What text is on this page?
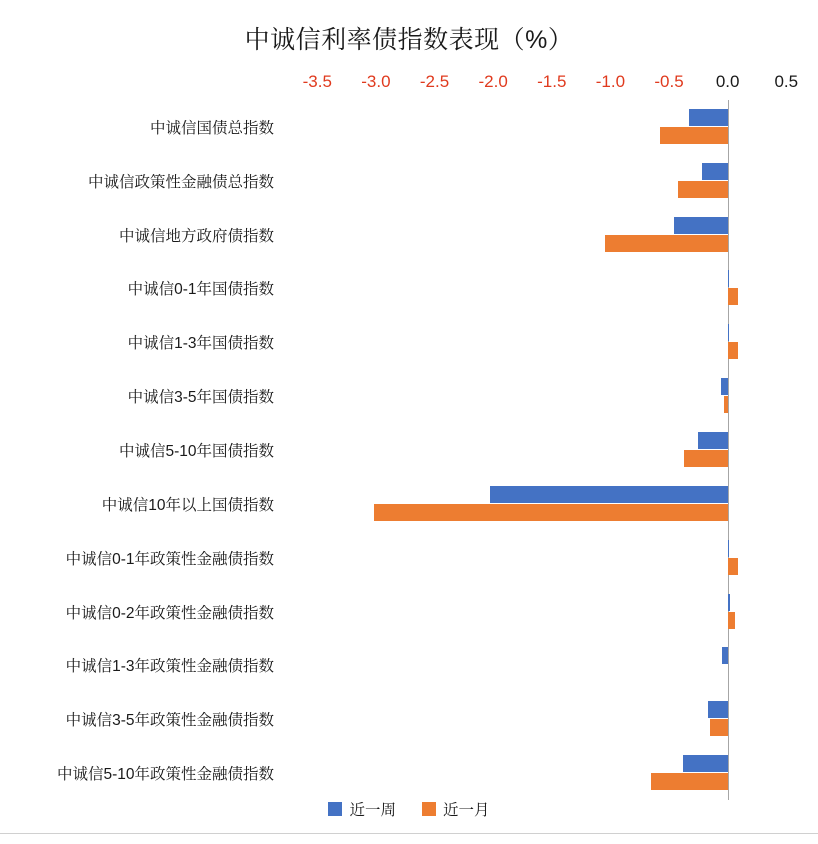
中诚信利率债指数表现（%）
-3.5 -3.0 -2.5 -2.0 -1.5 -1.0 -0.5 0.0 0.5
中诚信国债总指数
中诚信政策性金融债总指数
中诚信地方政府债指数
中诚信0-1年国债指数
中诚信1-3年国债指数
中诚信3-5年国债指数
中诚信5-10年国债指数
中诚信10年以上国债指数
中诚信0-1年政策性金融债指数
中诚信0-2年政策性金融债指数
中诚信1-3年政策性金融债指数
中诚信3-5年政策性金融债指数
中诚信5-10年政策性金融债指数
近一周	近一月
